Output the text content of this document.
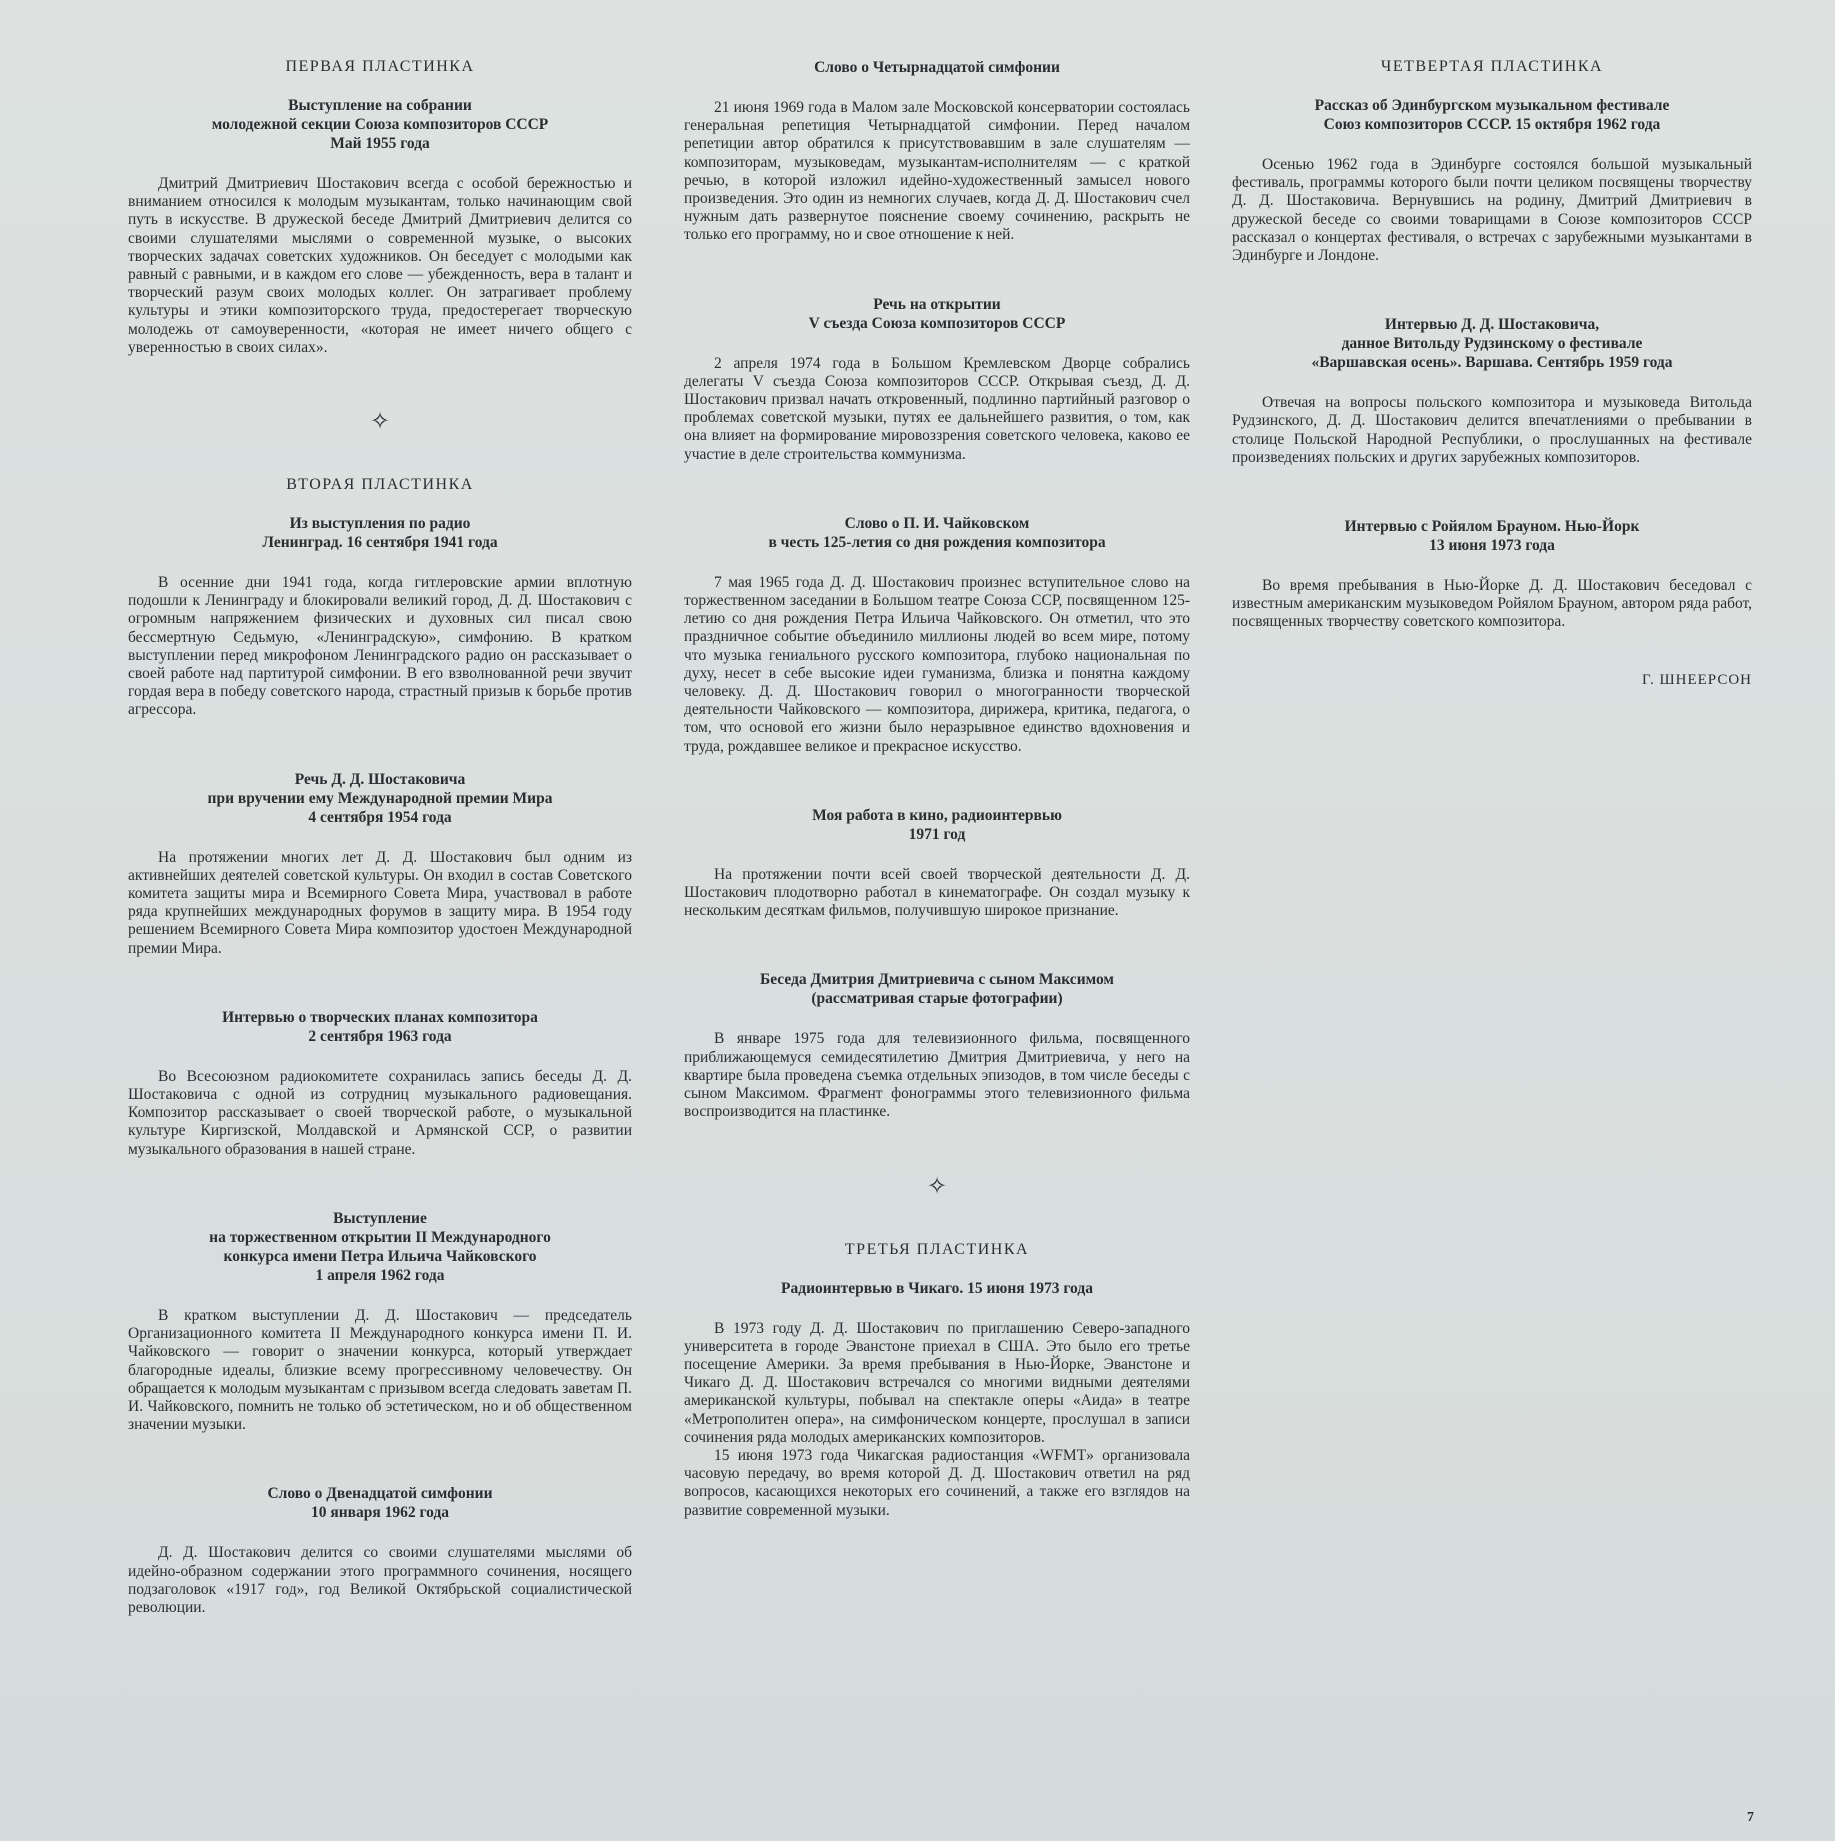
ПЕРВАЯ ПЛАСТИНКА
Выступление на собрании
молодежной секции Союза композиторов СССР
Май 1955 года

Дмитрий Дмитриевич Шостакович всегда с особой бережностью и вниманием относился к молодым музыкантам, только начинающим свой путь в искусстве. В дружеской беседе Дмитрий Дмитриевич делится со своими слушателями мыслями о современной музыке, о высоких творческих задачах советских художников. Он беседует с молодыми как равный с равными, и в каждом его слове — убежденность, вера в талант и творческий разум своих молодых коллег. Он затрагивает проблему культуры и этики композиторского труда, предостерегает творческую молодежь от самоуверенности, «которая не имеет ничего общего с уверенностью в своих силах».

✧
ВТОРАЯ ПЛАСТИНКА
Из выступления по радио
Ленинград. 16 сентября 1941 года

В осенние дни 1941 года, когда гитлеровские армии вплотную подошли к Ленинграду и блокировали великий город, Д. Д. Шостакович с огромным напряжением физических и духовных сил писал свою бессмертную Седьмую, «Ленинградскую», симфонию. В кратком выступлении перед микрофоном Ленинградского радио он рассказывает о своей работе над партитурой симфонии. В его взволнованной речи звучит гордая вера в победу советского народа, страстный призыв к борьбе против агрессора.

Речь Д. Д. Шостаковича
при вручении ему Международной премии Мира
4 сентября 1954 года

На протяжении многих лет Д. Д. Шостакович был одним из активнейших деятелей советской культуры. Он входил в состав Советского комитета защиты мира и Всемирного Совета Мира, участвовал в работе ряда крупнейших международных форумов в защиту мира. В 1954 году решением Всемирного Совета Мира композитор удостоен Международной премии Мира.

Интервью о творческих планах композитора
2 сентября 1963 года

Во Всесоюзном радиокомитете сохранилась запись беседы Д. Д. Шостаковича с одной из сотрудниц музыкального радиовещания. Композитор рассказывает о своей творческой работе, о музыкальной культуре Киргизской, Молдавской и Армянской ССР, о развитии музыкального образования в нашей стране.

Выступление
на торжественном открытии II Международного
конкурса имени Петра Ильича Чайковского
1 апреля 1962 года

В кратком выступлении Д. Д. Шостакович — председатель Организационного комитета II Международного конкурса имени П. И. Чайковского — говорит о значении конкурса, который утверждает благородные идеалы, близкие всему прогрессивному человечеству. Он обращается к молодым музыкантам с призывом всегда следовать заветам П. И. Чайковского, помнить не только об эстетическом, но и об общественном значении музыки.

Слово о Двенадцатой симфонии
10 января 1962 года

Д. Д. Шостакович делится со своими слушателями мыслями об идейно-образном содержании этого программного сочинения, носящего подзаголовок «1917 год», год Великой Октябрьской социалистической революции.

Слово о Четырнадцатой симфонии

21 июня 1969 года в Малом зале Московской консерватории состоялась генеральная репетиция Четырнадцатой симфонии. Перед началом репетиции автор обратился к присутствовавшим в зале слушателям — композиторам, музыковедам, музыкантам-исполнителям — с краткой речью, в которой изложил идейно-художественный замысел нового произведения. Это один из немногих случаев, когда Д. Д. Шостакович счел нужным дать развернутое пояснение своему сочинению, раскрыть не только его программу, но и свое отношение к ней.

Речь на открытии
V съезда Союза композиторов СССР

2 апреля 1974 года в Большом Кремлевском Дворце собрались делегаты V съезда Союза композиторов СССР. Открывая съезд, Д. Д. Шостакович призвал начать откровенный, подлинно партийный разговор о проблемах советской музыки, путях ее дальнейшего развития, о том, как она влияет на формирование мировоззрения советского человека, каково ее участие в деле строительства коммунизма.

Слово о П. И. Чайковском
в честь 125-летия со дня рождения композитора

7 мая 1965 года Д. Д. Шостакович произнес вступительное слово на торжественном заседании в Большом театре Союза ССР, посвященном 125-летию со дня рождения Петра Ильича Чайковского. Он отметил, что это праздничное событие объединило миллионы людей во всем мире, потому что музыка гениального русского композитора, глубоко национальная по духу, несет в себе высокие идеи гуманизма, близка и понятна каждому человеку. Д. Д. Шостакович говорил о многогранности творческой деятельности Чайковского — композитора, дирижера, критика, педагога, о том, что основой его жизни было неразрывное единство вдохновения и труда, рождавшее великое и прекрасное искусство.

Моя работа в кино, радиоинтервью
1971 год

На протяжении почти всей своей творческой деятельности Д. Д. Шостакович плодотворно работал в кинематографе. Он создал музыку к нескольким десяткам фильмов, получившую широкое признание.

Беседа Дмитрия Дмитриевича с сыном Максимом
(рассматривая старые фотографии)

В январе 1975 года для телевизионного фильма, посвященного приближающемуся семидесятилетию Дмитрия Дмитриевича, у него на квартире была проведена съемка отдельных эпизодов, в том числе беседы с сыном Максимом. Фрагмент фонограммы этого телевизионного фильма воспроизводится на пластинке.

✧
ТРЕТЬЯ ПЛАСТИНКА
Радиоинтервью в Чикаго. 15 июня 1973 года

В 1973 году Д. Д. Шостакович по приглашению Северо-западного университета в городе Эванстоне приехал в США. Это было его третье посещение Америки. За время пребывания в Нью-Йорке, Эванстоне и Чикаго Д. Д. Шостакович встречался со многими видными деятелями американской культуры, побывал на спектакле оперы «Аида» в театре «Метрополитен опера», на симфоническом концерте, прослушал в записи сочинения ряда молодых американских композиторов.

15 июня 1973 года Чикагская радиостанция «WFMT» организовала часовую передачу, во время которой Д. Д. Шостакович ответил на ряд вопросов, касающихся некоторых его сочинений, а также его взглядов на развитие современной музыки.

ЧЕТВЕРТАЯ ПЛАСТИНКА
Рассказ об Эдинбургском музыкальном фестивале
Союз композиторов СССР. 15 октября 1962 года

Осенью 1962 года в Эдинбурге состоялся большой музыкальный фестиваль, программы которого были почти целиком посвящены творчеству Д. Д. Шостаковича. Вернувшись на родину, Дмитрий Дмитриевич в дружеской беседе со своими товарищами в Союзе композиторов СССР рассказал о концертах фестиваля, о встречах с зарубежными музыкантами в Эдинбурге и Лондоне.

Интервью Д. Д. Шостаковича,
данное Витольду Рудзинскому о фестивале
«Варшавская осень». Варшава. Сентябрь 1959 года

Отвечая на вопросы польского композитора и музыковеда Витольда Рудзинского, Д. Д. Шостакович делится впечатлениями о пребывании в столице Польской Народной Республики, о прослушанных на фестивале произведениях польских и других зарубежных композиторов.

Интервью с Ройялом Брауном. Нью-Йорк
13 июня 1973 года

Во время пребывания в Нью-Йорке Д. Д. Шостакович беседовал с известным американским музыковедом Ройялом Брауном, автором ряда работ, посвященных творчеству советского композитора.

Г. ШНЕЕРСОН
7
